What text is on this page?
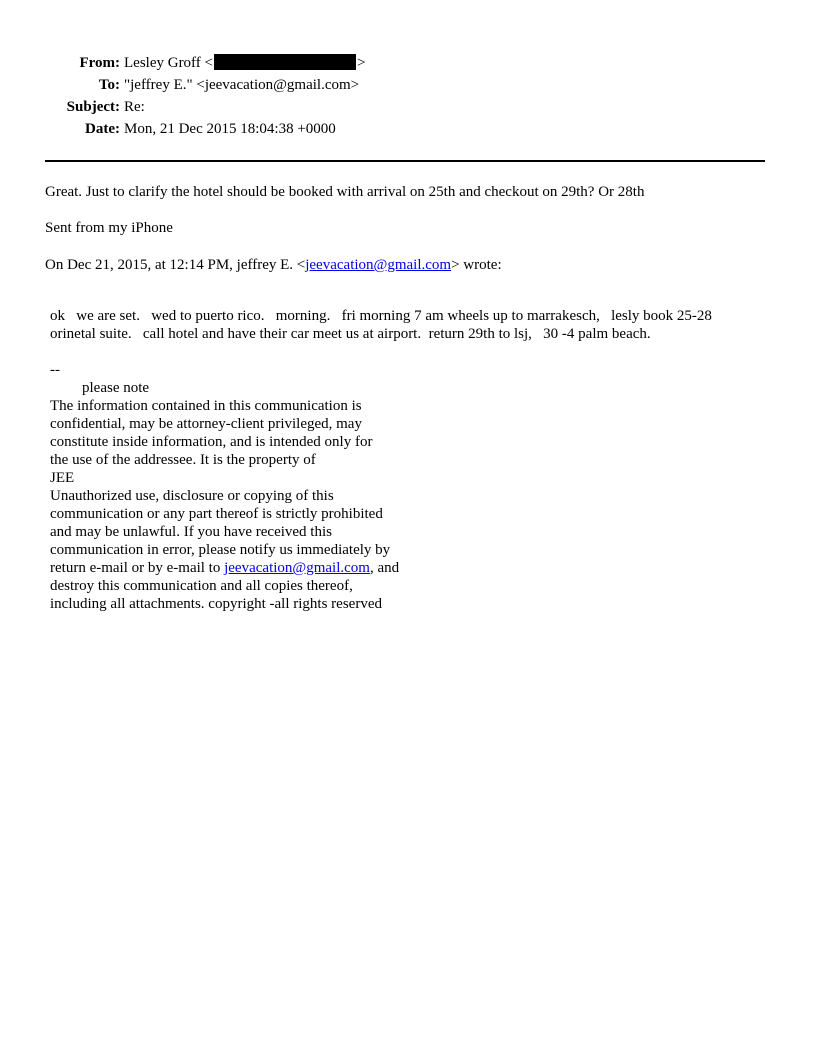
From: Lesley Groff <	>
To: "jeffrey E." <jeevacation@gmail.com>
Subject: Re:
Date: Mon, 21 Dec 2015 18:04:38 +0000
Great. Just to clarify the hotel should be booked with arrival on 25th and checkout on 29th? Or 28th
Sent from my iPhone
On Dec 21, 2015, at 12:14 PM, jeffrey E. <jeevacation@gmail.com> wrote:
ok   we are set.   wed to puerto rico.   morning.   fri morning 7 am wheels up to marrakesch,   lesly book 25-28
orinetal suite.   call hotel and have their car meet us at airport.  return 29th to lsj,   30 -4 palm beach.
--
please note
The information contained in this communication is
confidential, may be attorney-client privileged, may
constitute inside information, and is intended only for
the use of the addressee. It is the property of
JEE
Unauthorized use, disclosure or copying of this
communication or any part thereof is strictly prohibited
and may be unlawful. If you have received this
communication in error, please notify us immediately by
return e-mail or by e-mail to jeevacation@gmail.com, and
destroy this communication and all copies thereof,
including all attachments. copyright -all rights reserved
